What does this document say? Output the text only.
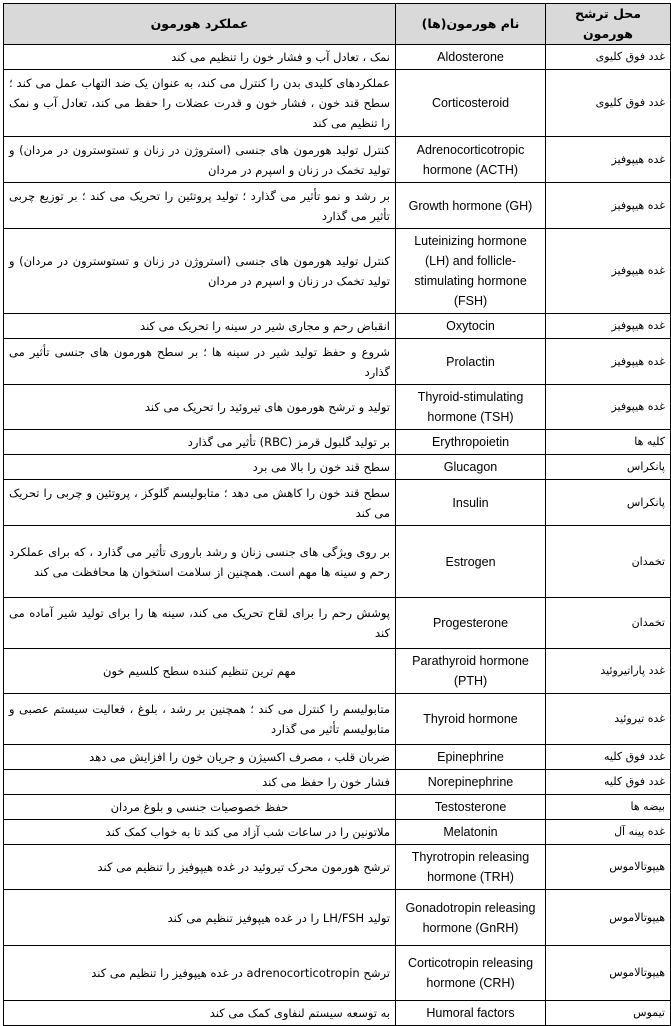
محل ترشح هورمون	نام هورمون(ها)	عملکرد هورمون
غدد فوق کلیوی	Aldosterone	نمک ، تعادل آب و فشار خون را تنظیم می کند
غدد فوق کلیوی	Corticosteroid	عملکردهای کلیدی بدن را کنترل می کند، به عنوان یک ضد التهاب عمل می کند ؛ سطح قند خون ، فشار خون و قدرت عضلات را حفظ می کند، تعادل آب و نمک را تنظیم می کند
غده هیپوفیز	Adrenocorticotropic hormone (ACTH)	کنترل تولید هورمون های جنسی (استروژن در زنان و تستوسترون در مردان) و تولید تخمک در زنان و اسپرم در مردان
غده هیپوفیز	Growth hormone (GH)	بر رشد و نمو تأثیر می گذارد ؛ تولید پروتئین را تحریک می کند ؛ بر توزیع چربی تأثیر می گذارد
غده هیپوفیز	Luteinizing hormone (LH) and follicle-stimulating hormone (FSH)	کنترل تولید هورمون های جنسی (استروژن در زنان و تستوسترون در مردان) و تولید تخمک در زنان و اسپرم در مردان
غده هیپوفیز	Oxytocin	انقباض رحم و مجاری شیر در سینه را تحریک می کند
غده هیپوفیز	Prolactin	شروع و حفظ تولید شیر در سینه ها ؛ بر سطح هورمون های جنسی تأثیر می گذارد
غده هیپوفیز	Thyroid-stimulating hormone (TSH)	تولید و ترشح هورمون های تیروئید را تحریک می کند
کلیه ها	Erythropoietin	بر تولید گلبول قرمز (RBC) تأثیر می گذارد
پانکراس	Glucagon	سطح قند خون را بالا می برد
پانکراس	Insulin	سطح قند خون را کاهش می دهد ؛ متابولیسم گلوکز ، پروتئین و چربی را تحریک می کند
تخمدان	Estrogen	بر روی ویژگی های جنسی زنان و رشد باروری تأثیر می گذارد ، که برای عملکرد رحم و سینه ها مهم است. همچنین از سلامت استخوان ها محافظت می کند
تخمدان	Progesterone	پوشش رحم را برای لقاح تحریک می کند، سینه ها را برای تولید شیر آماده می کند
غدد پاراتیروئید	Parathyroid hormone (PTH)	مهم ترین تنظیم کننده سطح کلسیم خون
غده تیروئید	Thyroid hormone	متابولیسم را کنترل می کند ؛ همچنین بر رشد ، بلوغ ، فعالیت سیستم عصبی و متابولیسم تأثیر می گذارد
غدد فوق کلیه	Epinephrine	ضربان قلب ، مصرف اکسیژن و جریان خون را افزایش می دهد
غدد فوق کلیه	Norepinephrine	فشار خون را حفظ می کند
بیضه ها	Testosterone	حفظ خصوصیات جنسی و بلوغ مردان
غده پینه آل	Melatonin	ملاتونین را در ساعات شب آزاد می کند تا به خواب کمک کند
هیپوتالاموس	Thyrotropin releasing hormone (TRH)	ترشح هورمون محرک تیروئید در غده هیپوفیز را تنظیم می کند
هیپوتالاموس	Gonadotropin releasing hormone (GnRH)	تولید LH/FSH را در غده هیپوفیز تنظیم می کند
هیپوتالاموس	Corticotropin releasing hormone (CRH)	ترشح adrenocorticotropin در غده هیپوفیز را تنظیم می کند
تیموس	Humoral factors	به توسعه سیستم لنفاوی کمک می کند
